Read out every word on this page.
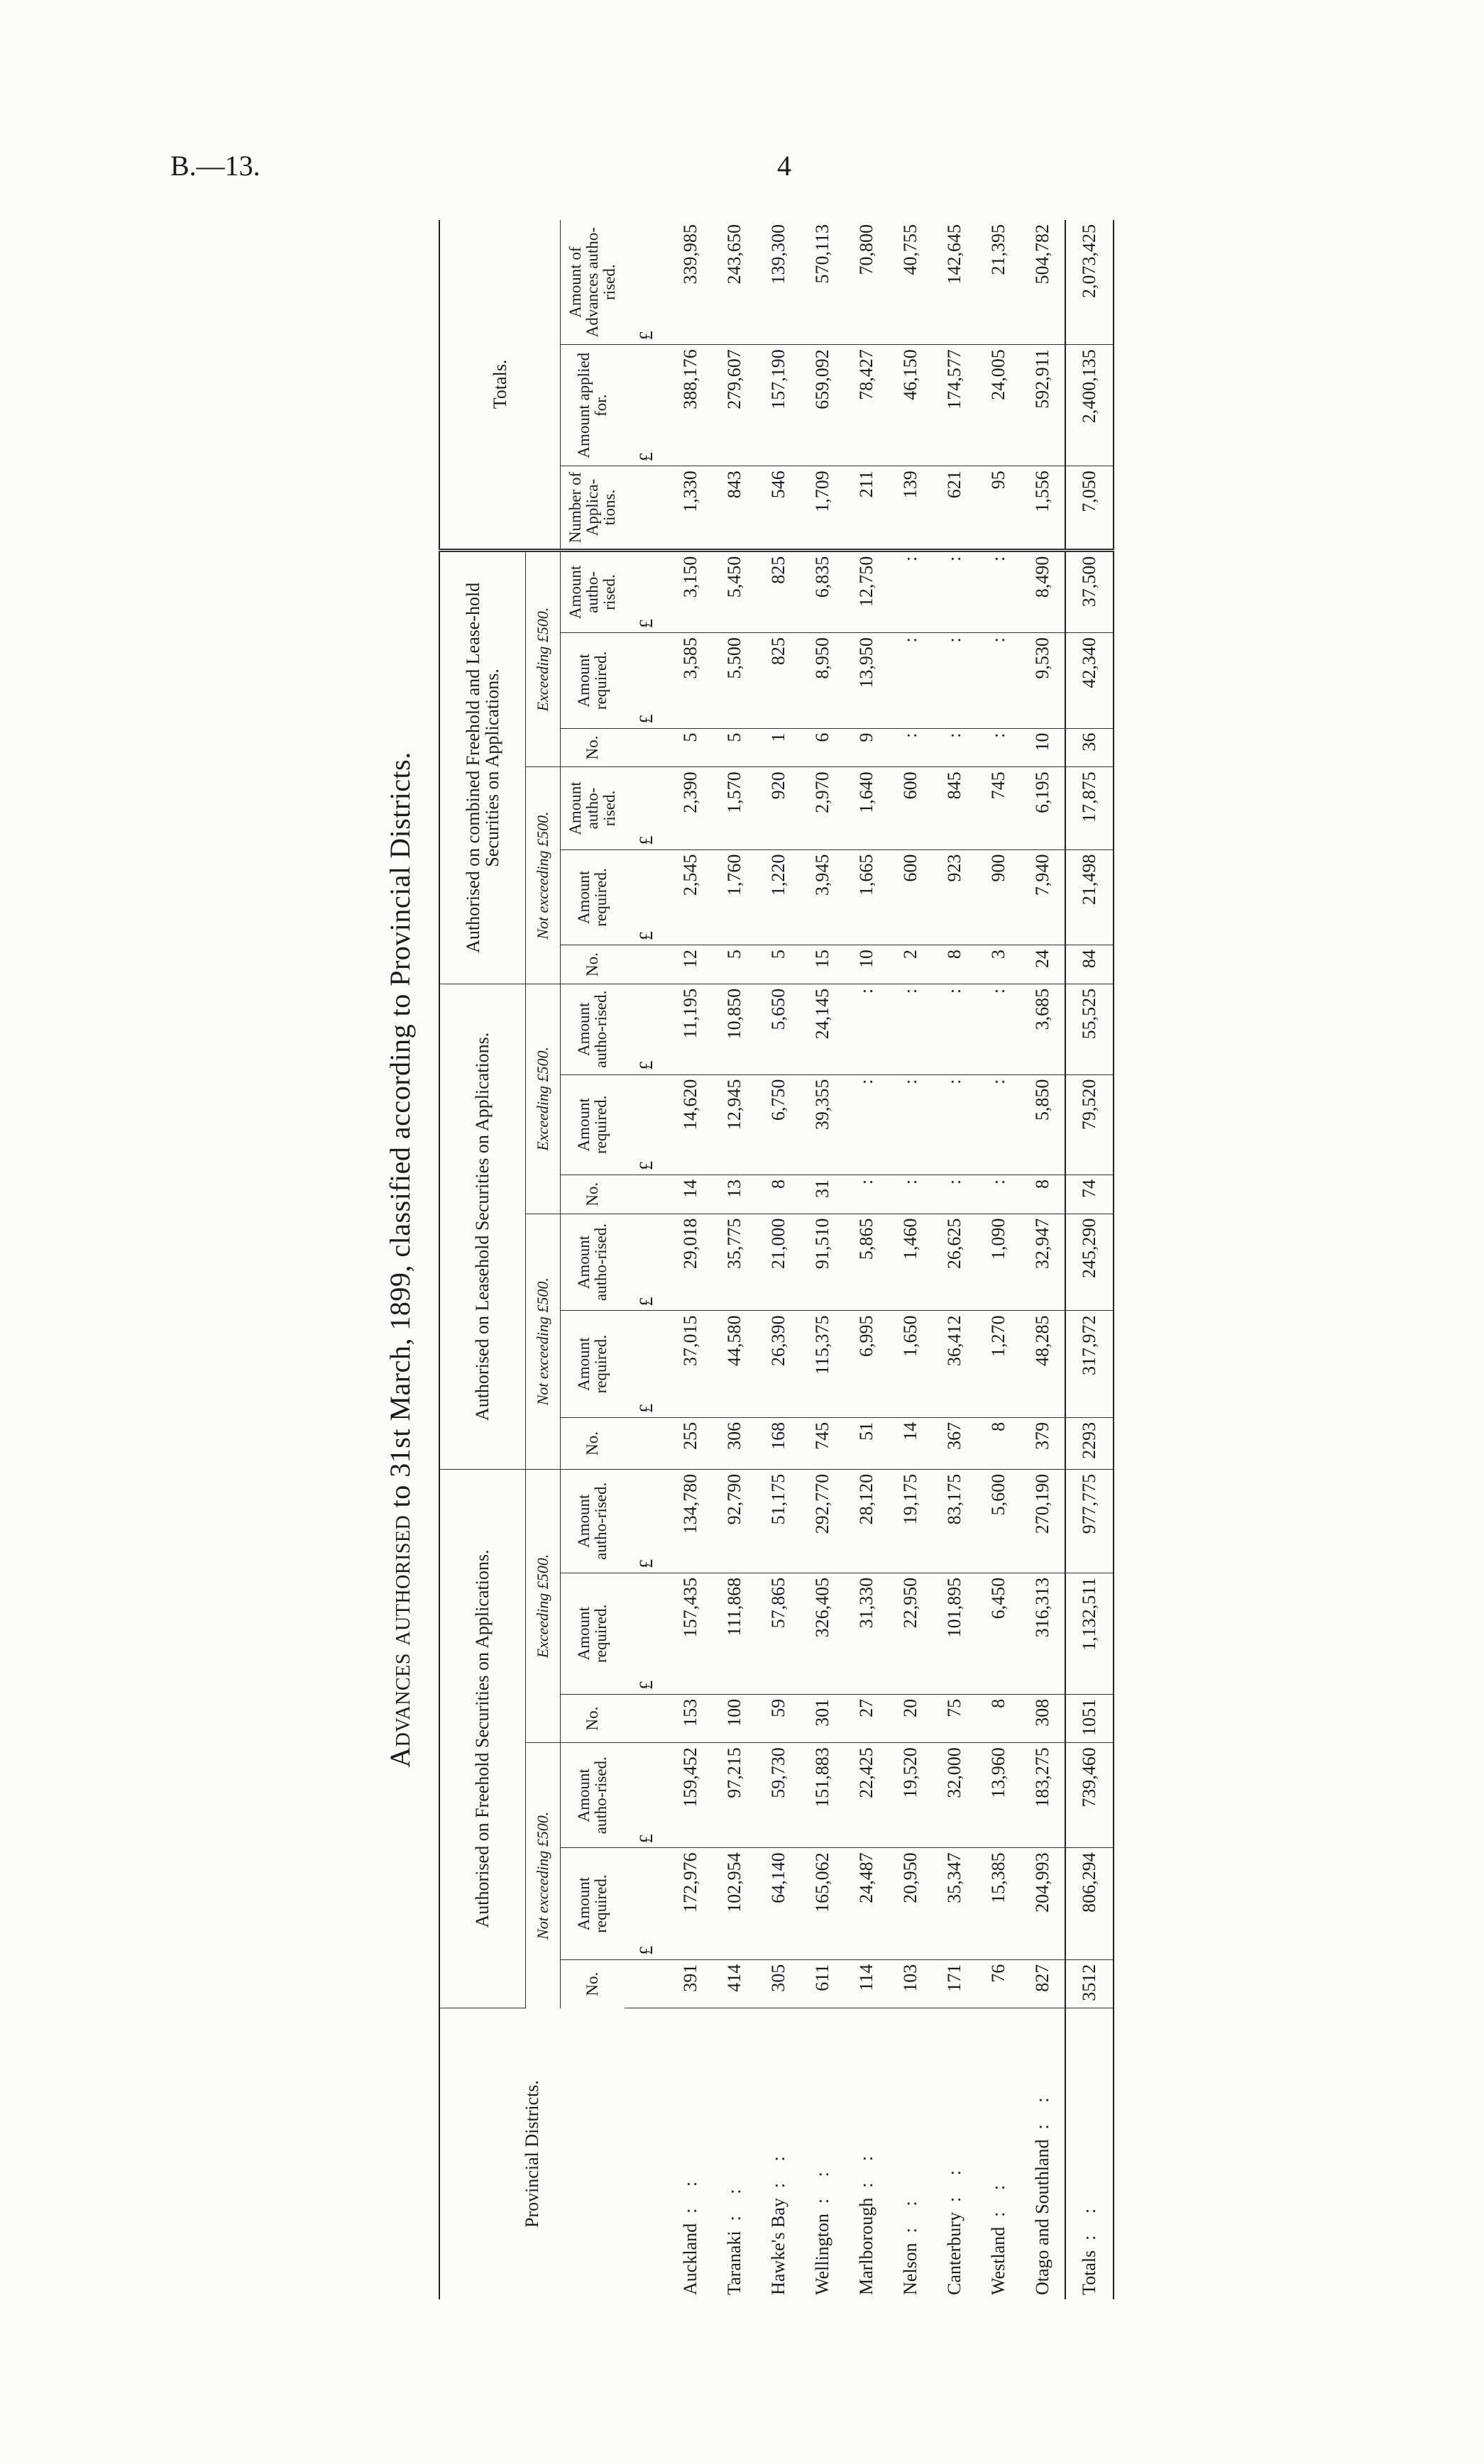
B.—13.	4
Advances authorised to 31st March, 1899, classified according to Provincial Districts.
Provincial Districts.	Authorised on Freehold Securities on Applications.						Authorised on Leasehold Securities on Applications.						Authorised on combined Freehold and Lease-hold Securities on Applications.						Totals.		
	Not exceeding £500.			Exceeding £500.			Not exceeding £500.			Exceeding £500.			Not exceeding £500.			Exceeding £500.					
	No.	Amount required.	Amount autho-rised.	No.	Amount required.	Amount autho-rised.	No.	Amount required.	Amount autho-rised.	No.	Amount required.	Amount autho-rised.	No.	Amount required.	Amount autho-rised.	No.	Amount required.	Amount autho-rised.	Number of Applica-tions.	Amount applied for.	Amount of Advances autho-rised.
		£	£		£	£		£	£		£	£		£	£		£	£		£	£
Auckland: :	391	172,976	159,452	153	157,435	134,780	255	37,015	29,018	14	14,620	11,195	12	2,545	2,390	5	3,585	3,150	1,330	388,176	339,985
Taranaki: :	414	102,954	97,215	100	111,868	92,790	306	44,580	35,775	13	12,945	10,850	5	1,760	1,570	5	5,500	5,450	843	279,607	243,650
Hawke's Bay: :	305	64,140	59,730	59	57,865	51,175	168	26,390	21,000	8	6,750	5,650	5	1,220	920	1	825	825	546	157,190	139,300
Wellington: :	611	165,062	151,883	301	326,405	292,770	745	115,375	91,510	31	39,355	24,145	15	3,945	2,970	6	8,950	6,835	1,709	659,092	570,113
Marlborough: :	114	24,487	22,425	27	31,330	28,120	51	6,995	5,865	:	:	:	10	1,665	1,640	9	13,950	12,750	211	78,427	70,800
Nelson: :	103	20,950	19,520	20	22,950	19,175	14	1,650	1,460	:	:	:	2	600	600	:	:	:	139	46,150	40,755
Canterbury: :	171	35,347	32,000	75	101,895	83,175	367	36,412	26,625	:	:	:	8	923	845	:	:	:	621	174,577	142,645
Westland: :	76	15,385	13,960	8	6,450	5,600	8	1,270	1,090	:	:	:	3	900	745	:	:	:	95	24,005	21,395
Otago and Southland: :	827	204,993	183,275	308	316,313	270,190	379	48,285	32,947	8	5,850	3,685	24	7,940	6,195	10	9,530	8,490	1,556	592,911	504,782
Totals: :	3512	806,294	739,460	1051	1,132,511	977,775	2293	317,972	245,290	74	79,520	55,525	84	21,498	17,875	36	42,340	37,500	7,050	2,400,135	2,073,425
